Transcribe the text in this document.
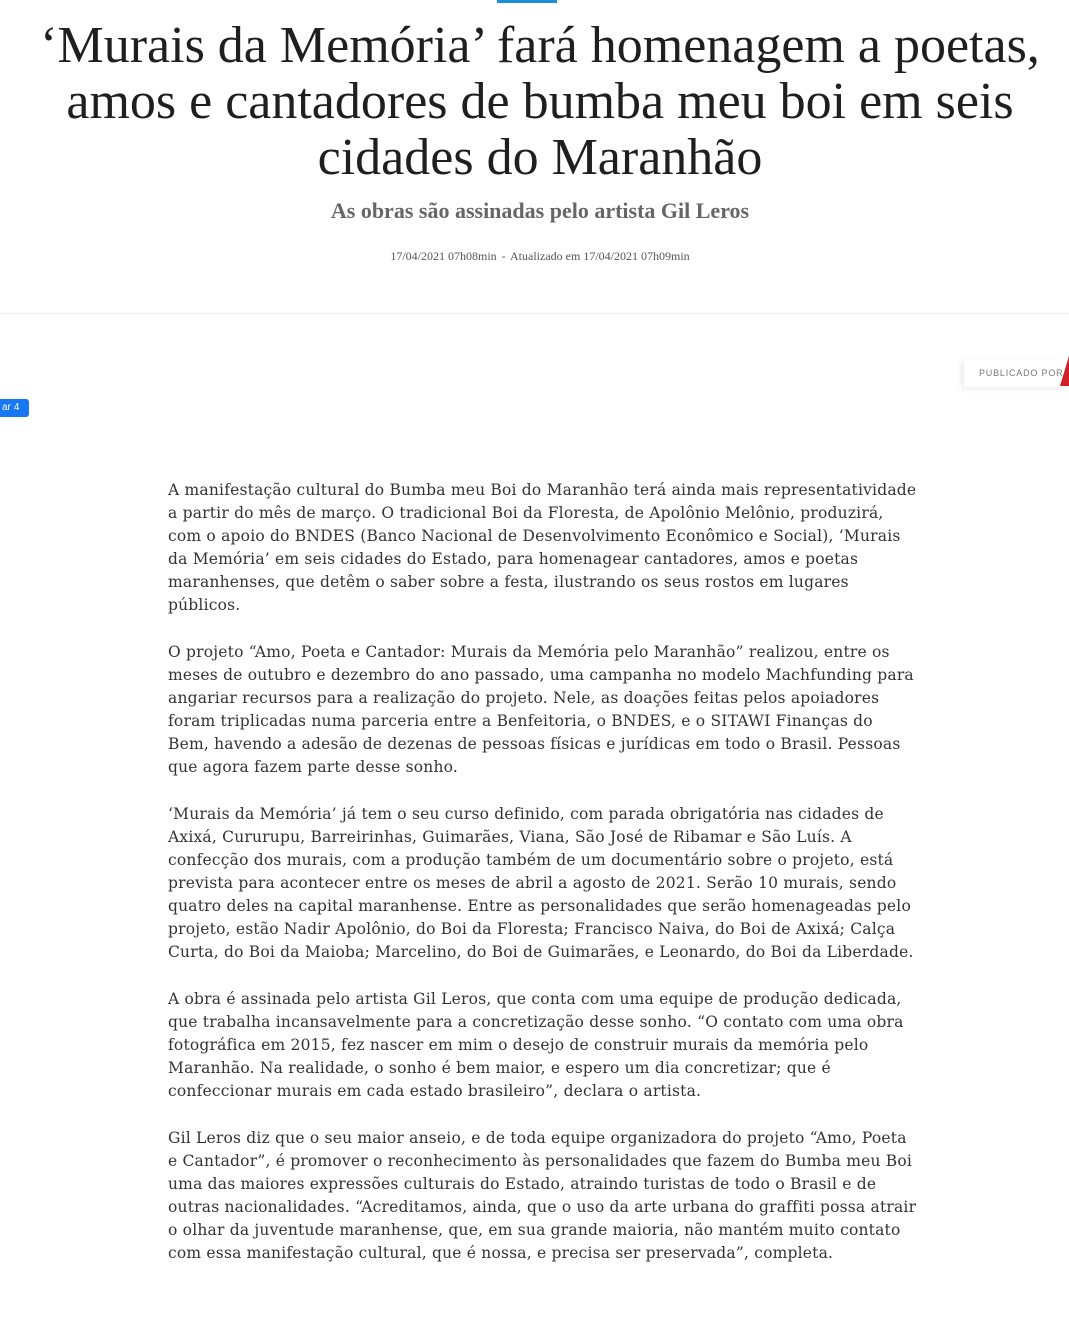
‘Murais da Memória’ fará homenagem a poetas, amos e cantadores de bumba meu boi em seis cidades do Maranhão
As obras são assinadas pelo artista Gil Leros
17/04/2021 07h08min - Atualizado em 17/04/2021 07h09min
PUBLICADO POR
ar 4

A manifestação cultural do Bumba meu Boi do Maranhão terá ainda mais representatividade a partir do mês de março. O tradicional Boi da Floresta, de Apolônio Melônio, produzirá, com o apoio do BNDES (Banco Nacional de Desenvolvimento Econômico e Social), ‘Murais da Memória’ em seis cidades do Estado, para homenagear cantadores, amos e poetas maranhenses, que detêm o saber sobre a festa, ilustrando os seus rostos em lugares públicos.

O projeto “Amo, Poeta e Cantador: Murais da Memória pelo Maranhão” realizou, entre os meses de outubro e dezembro do ano passado, uma campanha no modelo Machfunding para angariar recursos para a realização do projeto. Nele, as doações feitas pelos apoiadores foram triplicadas numa parceria entre a Benfeitoria, o BNDES, e o SITAWI Finanças do Bem, havendo a adesão de dezenas de pessoas físicas e jurídicas em todo o Brasil. Pessoas que agora fazem parte desse sonho.

‘Murais da Memória’ já tem o seu curso definido, com parada obrigatória nas cidades de Axixá, Cururupu, Barreirinhas, Guimarães, Viana, São José de Ribamar e São Luís. A confecção dos murais, com a produção também de um documentário sobre o projeto, está prevista para acontecer entre os meses de abril a agosto de 2021. Serão 10 murais, sendo quatro deles na capital maranhense. Entre as personalidades que serão homenageadas pelo projeto, estão Nadir Apolônio, do Boi da Floresta; Francisco Naiva, do Boi de Axixá; Calça Curta, do Boi da Maioba; Marcelino, do Boi de Guimarães, e Leonardo, do Boi da Liberdade.

A obra é assinada pelo artista Gil Leros, que conta com uma equipe de produção dedicada, que trabalha incansavelmente para a concretização desse sonho. “O contato com uma obra fotográfica em 2015, fez nascer em mim o desejo de construir murais da memória pelo Maranhão. Na realidade, o sonho é bem maior, e espero um dia concretizar; que é confeccionar murais em cada estado brasileiro”, declara o artista.

Gil Leros diz que o seu maior anseio, e de toda equipe organizadora do projeto “Amo, Poeta e Cantador”, é promover o reconhecimento às personalidades que fazem do Bumba meu Boi uma das maiores expressões culturais do Estado, atraindo turistas de todo o Brasil e de outras nacionalidades. “Acreditamos, ainda, que o uso da arte urbana do graffiti possa atrair o olhar da juventude maranhense, que, em sua grande maioria, não mantém muito contato com essa manifestação cultural, que é nossa, e precisa ser preservada”, completa.
